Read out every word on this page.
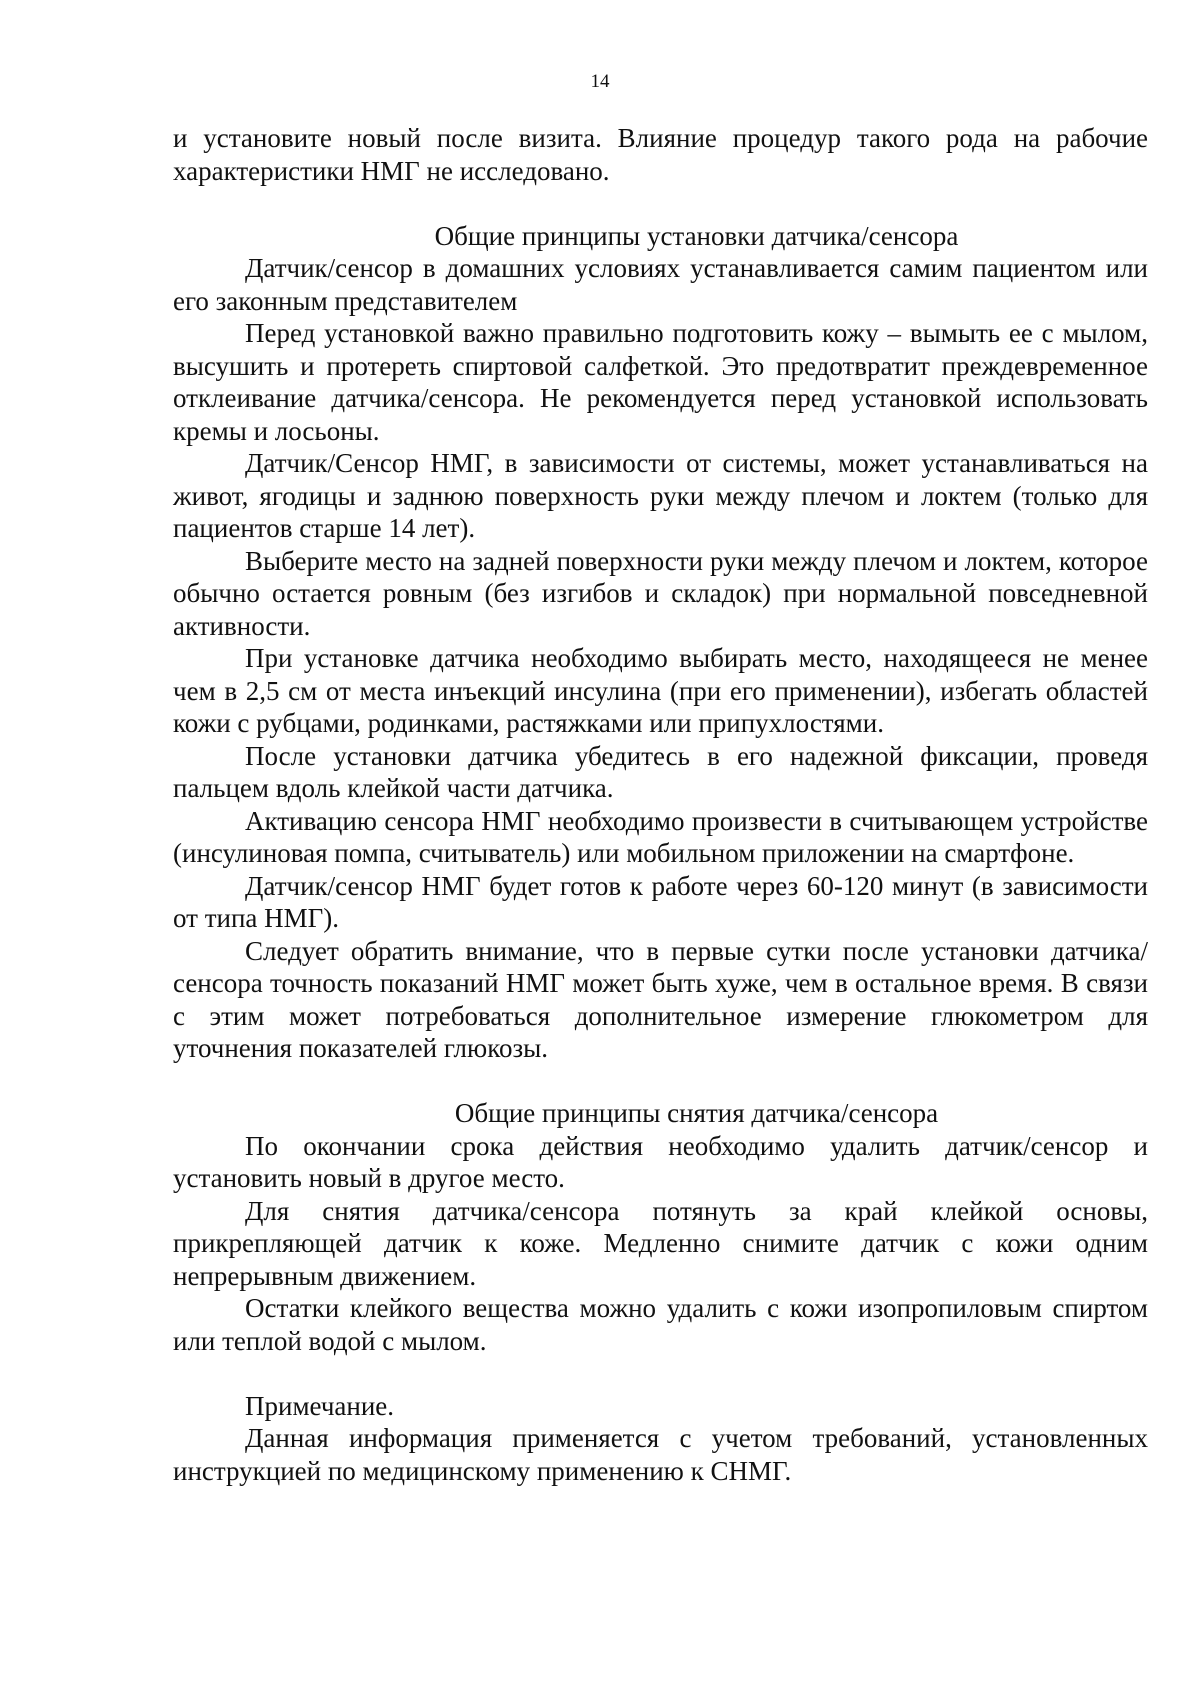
14

и установите новый после визита. Влияние процедур такого рода на рабочие характеристики НМГ не исследовано.

Общие принципы установки датчика/сенсора

Датчик/сенсор в домашних условиях устанавливается самим пациентом или его законным представителем

Перед установкой важно правильно подготовить кожу – вымыть ее с мылом, высушить и протереть спиртовой салфеткой. Это предотвратит преждевременное отклеивание датчика/сенсора. Не рекомендуется перед установкой использовать кремы и лосьоны.

Датчик/Сенсор НМГ, в зависимости от системы, может устанавливаться на живот, ягодицы и заднюю поверхность руки между плечом и локтем (только для пациентов старше 14 лет).

Выберите место на задней поверхности руки между плечом и локтем, которое обычно остается ровным (без изгибов и складок) при нормальной повседневной активности.

При установке датчика необходимо выбирать место, находящееся не менее чем в 2,5 см от места инъекций инсулина (при его применении), избегать областей кожи с рубцами, родинками, растяжками или припухлостями.

После установки датчика убедитесь в его надежной фиксации, проведя пальцем вдоль клейкой части датчика.

Активацию сенсора НМГ необходимо произвести в считывающем устройстве (инсулиновая помпа, считыватель) или мобильном приложении на смартфоне.

Датчик/сенсор НМГ будет готов к работе через 60-120 минут (в зависимости от типа НМГ).

Следует обратить внимание, что в первые сутки после установки датчика/сенсора точность показаний НМГ может быть хуже, чем в остальное время. В связи с этим может потребоваться дополнительное измерение глюкометром для уточнения показателей глюкозы.

Общие принципы снятия датчика/сенсора

По окончании срока действия необходимо удалить датчик/сенсор и установить новый в другое место.

Для снятия датчика/сенсора потянуть за край клейкой основы, прикрепляющей датчик к коже. Медленно снимите датчик с кожи одним непрерывным движением.

Остатки клейкого вещества можно удалить с кожи изопропиловым спиртом или теплой водой с мылом.

Примечание.

Данная информация применяется с учетом требований, установленных инструкцией по медицинскому применению к СНМГ.
